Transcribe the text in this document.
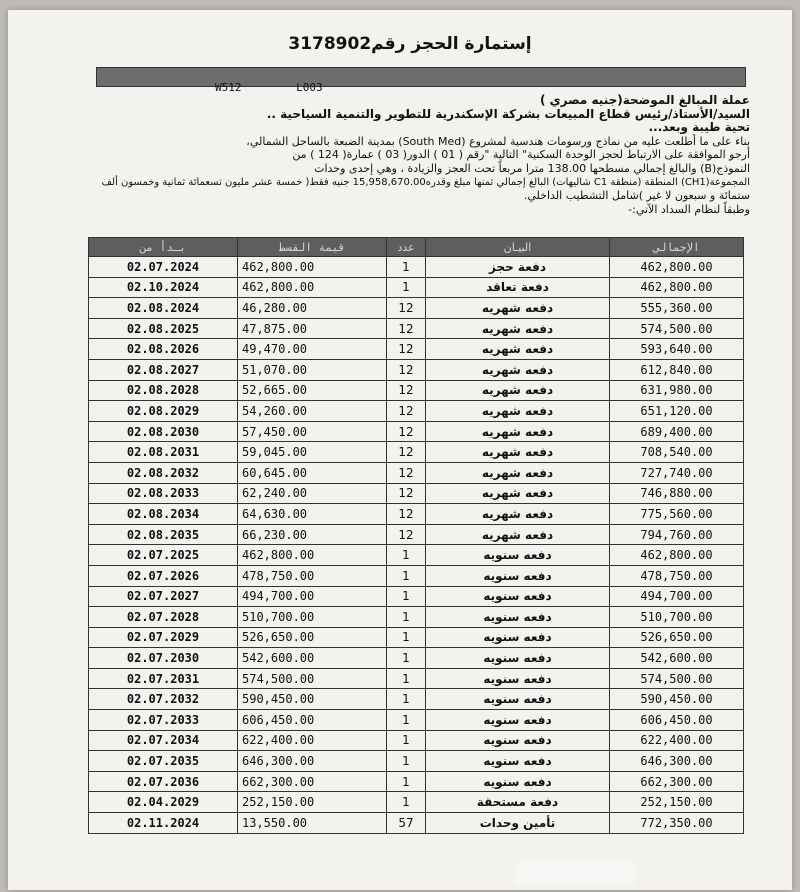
إستمارة الحجز رقم3178902
W512	L003
عملة المبالغ الموضحة(جنيه مصري )
السيد/الأستاذ/رئيس قطاع المبيعات بشركة الإسكندرية للتطوير والتنمية السياحية ..
تحية طيبة وبعد...
بناء على ما أطلعت عليه من نماذج ورسومات هندسية لمشروع (South Med) بمدينة الضبعة بالساحل الشمالي،
أرجو الموافقة على الارتباط لحجز الوحدة السكنية" التالية "رقم ( 01 ) الدور( 03 ) عمارة( 124 ) من
النموذج(B) والبالغ إجمالي مسطحها 138.00 مترا مربعاً تحت العجز والزيادة ، وهي إحدى وحدات
المجموعة(CH1) المنطقة (منطقة C1 شاليهات) البالغ إجمالي ثمنها مبلغ وقدره15,958,670.00 جنيه فقط( خمسة عشر مليون تسعمائة ثمانية وخمسون ألف
ستمائة و سبعون لا غير )شامل التشطيب الداخلي.
وطبقاً لنظام السداد الآتي:-
بـدأ من	قيمة القسط	عدد	البيـان	الإجمالي
02.07.2024	462,800.00	1	دفعة حجز	462,800.00
02.10.2024	462,800.00	1	دفعة تعاقد	462,800.00
02.08.2024	46,280.00	12	دفعه شهريه	555,360.00
02.08.2025	47,875.00	12	دفعه شهريه	574,500.00
02.08.2026	49,470.00	12	دفعه شهريه	593,640.00
02.08.2027	51,070.00	12	دفعه شهريه	612,840.00
02.08.2028	52,665.00	12	دفعه شهريه	631,980.00
02.08.2029	54,260.00	12	دفعه شهريه	651,120.00
02.08.2030	57,450.00	12	دفعه شهريه	689,400.00
02.08.2031	59,045.00	12	دفعه شهريه	708,540.00
02.08.2032	60,645.00	12	دفعه شهريه	727,740.00
02.08.2033	62,240.00	12	دفعه شهريه	746,880.00
02.08.2034	64,630.00	12	دفعه شهريه	775,560.00
02.08.2035	66,230.00	12	دفعه شهريه	794,760.00
02.07.2025	462,800.00	1	دفعه سنويه	462,800.00
02.07.2026	478,750.00	1	دفعه سنويه	478,750.00
02.07.2027	494,700.00	1	دفعه سنويه	494,700.00
02.07.2028	510,700.00	1	دفعه سنويه	510,700.00
02.07.2029	526,650.00	1	دفعه سنويه	526,650.00
02.07.2030	542,600.00	1	دفعه سنويه	542,600.00
02.07.2031	574,500.00	1	دفعه سنويه	574,500.00
02.07.2032	590,450.00	1	دفعه سنويه	590,450.00
02.07.2033	606,450.00	1	دفعه سنويه	606,450.00
02.07.2034	622,400.00	1	دفعه سنويه	622,400.00
02.07.2035	646,300.00	1	دفعه سنويه	646,300.00
02.07.2036	662,300.00	1	دفعه سنويه	662,300.00
02.04.2029	252,150.00	1	دفعة مستحقة	252,150.00
02.11.2024	13,550.00	57	تأمين وحدات	772,350.00
